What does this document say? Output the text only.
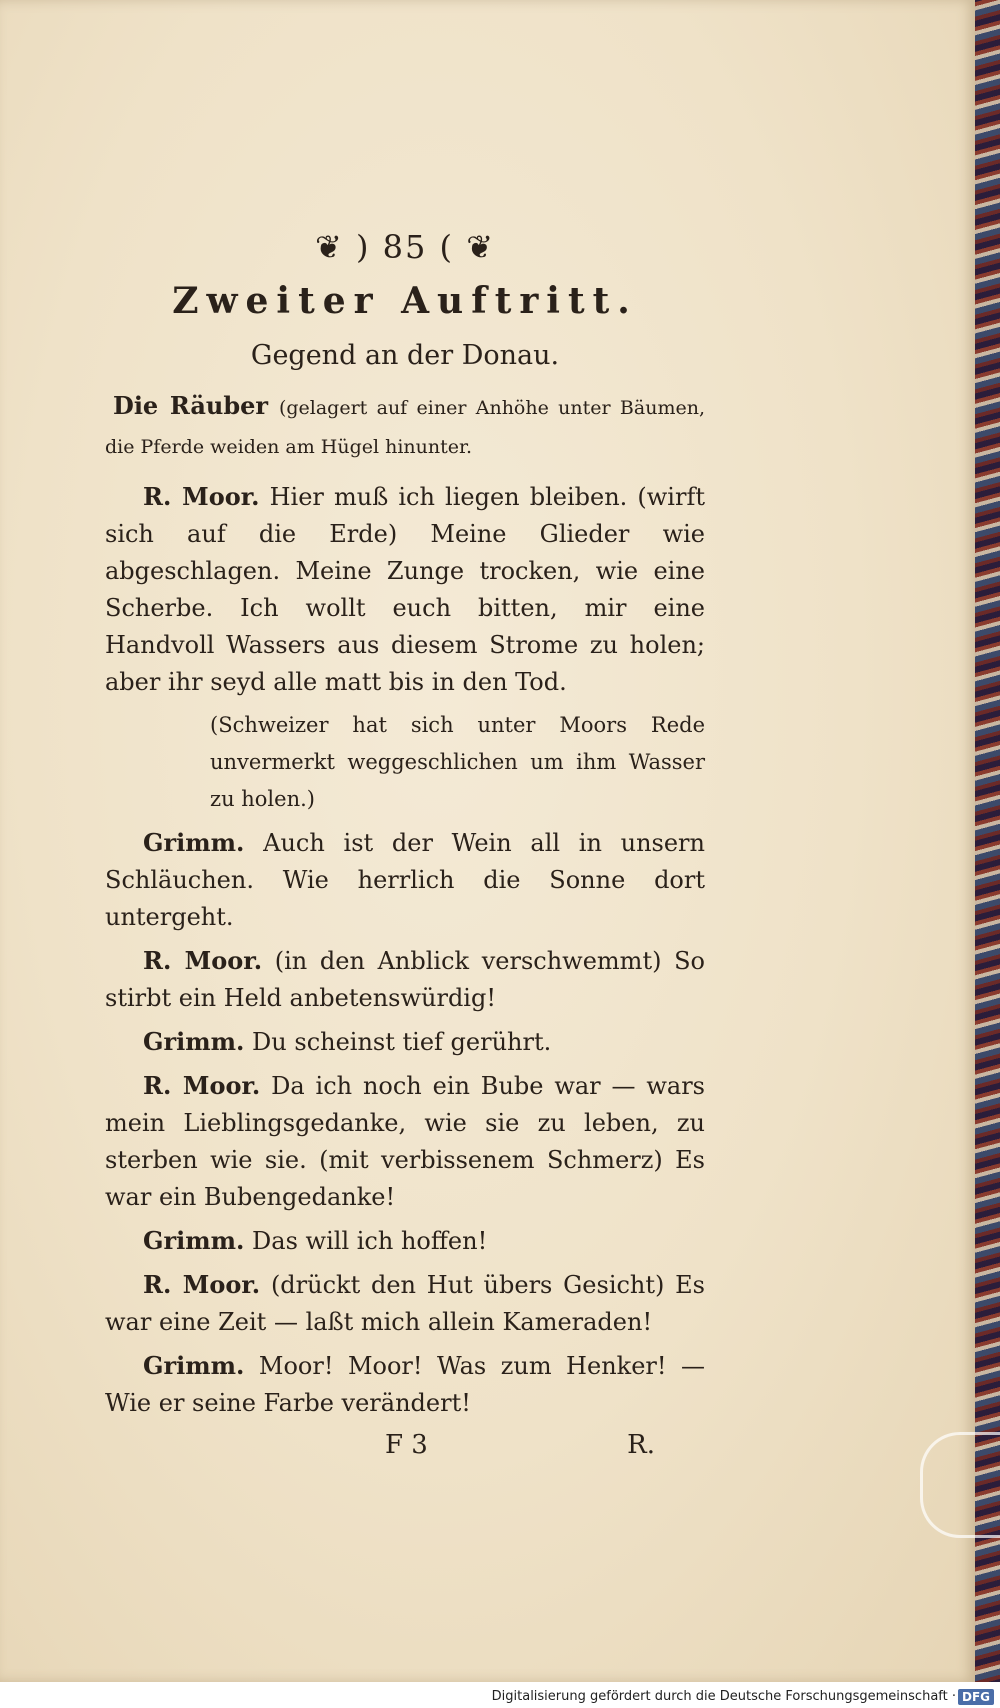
❦ ) 85 ( ❦
Zweiter Auftritt.
Gegend an der Donau.

Die Räuber (gelagert auf einer Anhöhe unter Bäumen, die Pferde weiden am Hügel hinunter.

R. Moor. Hier muß ich liegen bleiben. (wirft sich auf die Erde) Meine Glieder wie abgeschlagen. Meine Zunge trocken, wie eine Scherbe. Ich wollt euch bitten, mir eine Handvoll Wassers aus diesem Strome zu holen; aber ihr seyd alle matt bis in den Tod.

(Schweizer hat sich unter Moors Rede unvermerkt weggeschlichen um ihm Wasser zu holen.)

Grimm. Auch ist der Wein all in unsern Schläuchen. Wie herrlich die Sonne dort untergeht.

R. Moor. (in den Anblick verschwemmt) So stirbt ein Held anbetenswürdig!

Grimm. Du scheinst tief gerührt.

R. Moor. Da ich noch ein Bube war — wars mein Lieblingsgedanke, wie sie zu leben, zu sterben wie sie. (mit verbissenem Schmerz) Es war ein Bubengedanke!

Grimm. Das will ich hoffen!

R. Moor. (drückt den Hut übers Gesicht) Es war eine Zeit — laßt mich allein Kameraden!

Grimm. Moor! Moor! Was zum Henker! — Wie er seine Farbe verändert!

F 3	R.
Digitalisierung gefördert durch die Deutsche Forschungsgemeinschaft · DFG
